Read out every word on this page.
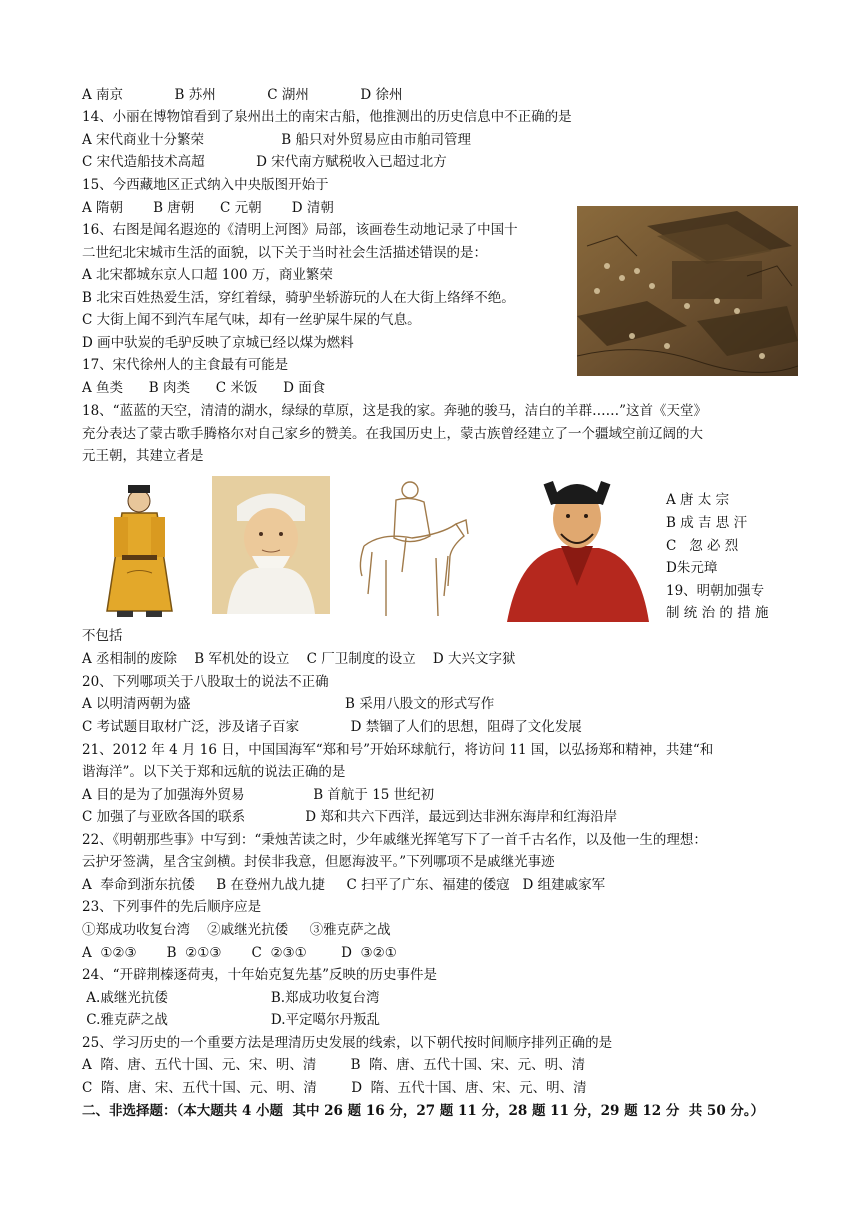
A 南京            B 苏州            C 湖州            D 徐州
14、小丽在博物馆看到了泉州出土的南宋古船，他推测出的历史信息中不正确的是
A 宋代商业十分繁荣                  B 船只对外贸易应由市舶司管理
C 宋代造船技术高超            D 宋代南方赋税收入已超过北方
15、今西藏地区正式纳入中央版图开始于
A 隋朝       B 唐朝      C 元朝       D 清朝
16、右图是闻名遐迩的《清明上河图》局部，该画卷生动地记录了中国十
二世纪北宋城市生活的面貌，以下关于当时社会生活描述错误的是：
A 北宋都城东京人口超 100 万，商业繁荣
B 北宋百姓热爱生活，穿红着绿，骑驴坐轿游玩的人在大街上络绎不绝。
C 大街上闻不到汽车尾气味，却有一丝驴屎牛屎的气息。
D 画中驮炭的毛驴反映了京城已经以煤为燃料
17、宋代徐州人的主食最有可能是
A 鱼类      B 肉类      C 米饭      D 面食
18、“蓝蓝的天空，清清的湖水，绿绿的草原，这是我的家。奔驰的骏马，洁白的羊群……”这首《天堂》
充分表达了蒙古歌手腾格尔对自己家乡的赞美。在我国历史上，蒙古族曾经建立了一个疆域空前辽阔的大
元王朝，其建立者是
A 唐 太 宗
B 成 吉 思 汗
C   忽 必 烈
D朱元璋
19、明朝加强专
制 统 治 的 措 施
不包括
A 丞相制的废除    B 军机处的设立    C 厂卫制度的设立    D 大兴文字狱
20、下列哪项关于八股取士的说法不正确
A 以明清两朝为盛                                    B 采用八股文的形式写作
C 考试题目取材广泛，涉及诸子百家            D 禁锢了人们的思想，阻碍了文化发展
21、2012 年 4 月 16 日，中国国海军“郑和号”开始环球航行，将访问 11 国，以弘扬郑和精神，共建“和
谐海洋”。以下关于郑和远航的说法正确的是
A 目的是为了加强海外贸易                B 首航于 15 世纪初
C 加强了与亚欧各国的联系              D 郑和共六下西洋，最远到达非洲东海岸和红海沿岸
22、《明朝那些事》中写到：“秉烛苦读之时，少年戚继光挥笔写下了一首千古名作，以及他一生的理想：
云护牙签满，星含宝剑横。封侯非我意，但愿海波平。”下列哪项不是戚继光事迹
A  奉命到浙东抗倭     B 在登州九战九捷     C 扫平了广东、福建的倭寇   D 组建戚家军
23、下列事件的先后顺序应是
①郑成功收复台湾    ②戚继光抗倭     ③雅克萨之战
A  ①②③       B  ②①③       C  ②③①        D  ③②①
24、“开辟荆榛逐荷夷，十年始克复先基”反映的历史事件是
A.戚继光抗倭                        B.郑成功收复台湾
C.雅克萨之战                        D.平定噶尔丹叛乱
25、学习历史的一个重要方法是理清历史发展的线索，以下朝代按时间顺序排列正确的是
A  隋、唐、五代十国、元、宋、明、清        B  隋、唐、五代十国、宋、元、明、清
C  隋、唐、宋、五代十国、元、明、清        D  隋、五代十国、唐、宋、元、明、清
二、非选择题：（本大题共 4 小题  其中 26 题 16 分，27 题 11 分，28 题 11 分，29 题 12 分  共 50 分。）
